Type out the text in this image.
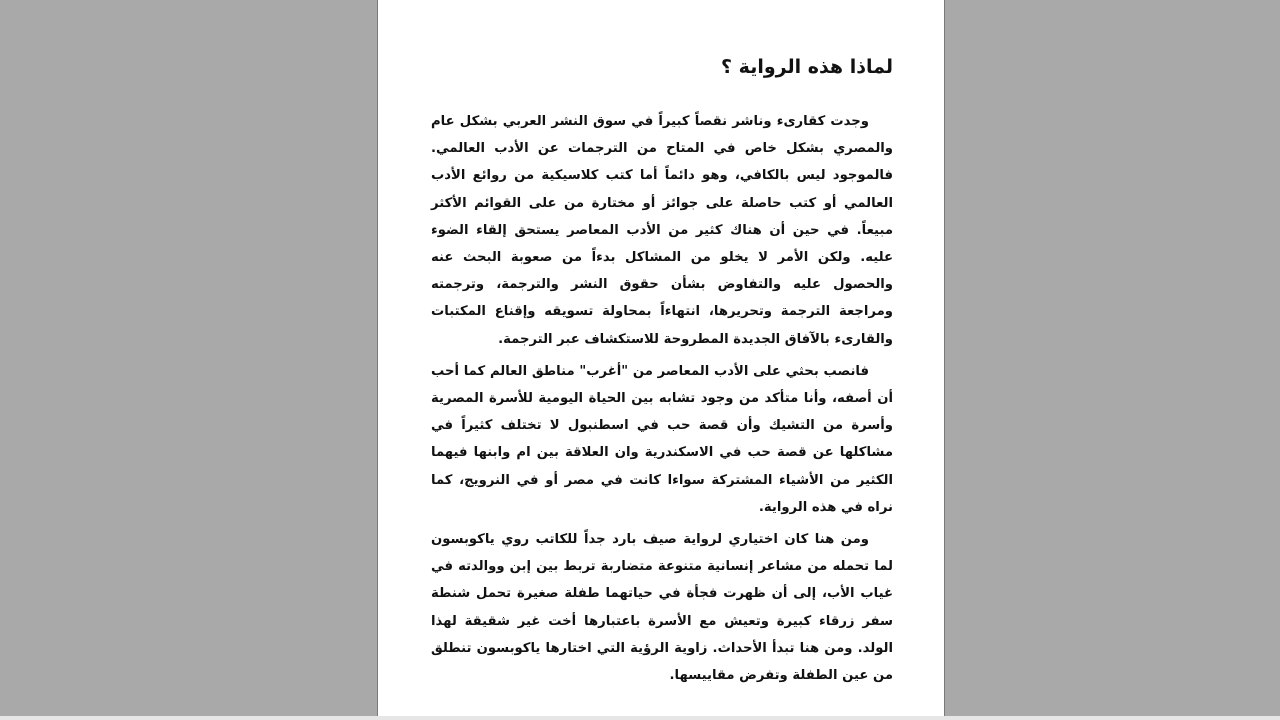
لماذا هذه الرواية ؟

وجدت كقارىء وناشر نقصاً كبيراً في سوق النشر العربي بشكل عام والمصري بشكل خاص في المتاح من الترجمات عن الأدب العالمي. فالموجود ليس بالكافي، وهو دائماً أما كتب كلاسيكية من روائع الأدب العالمي أو كتب حاصلة على جوائز أو مختارة من على القوائم الأكثر مبيعاً. في حين أن هناك كثير من الأدب المعاصر يستحق إلقاء الضوء عليه. ولكن الأمر لا يخلو من المشاكل بدءاً من صعوبة البحث عنه والحصول عليه والتفاوض بشأن حقوق النشر والترجمة، وترجمته ومراجعة الترجمة وتحريرها، انتهاءاً بمحاولة تسويقه وإقناع المكتبات والقارىء بالآفاق الجديدة المطروحة للاستكشاف عبر الترجمة.

فانصب بحثي على الأدب المعاصر من "أغرب" مناطق العالم كما أحب أن أصفه، وأنا متأكد من وجود تشابه بين الحياة اليومية للأسرة المصرية وأسرة من التشيك وأن قصة حب في اسطنبول لا تختلف كثيراً في مشاكلها عن قصة حب في الاسكندرية وان العلاقة بين ام وابنها فيهما الكثير من الأشياء المشتركة سواءا كانت في مصر أو في النرويج، كما نراه في هذه الرواية.

ومن هنا كان اختياري لرواية صيف بارد جداً للكاتب روي ياكوبسون لما تحمله من مشاعر إنسانية متنوعة متضاربة تربط بين إبن ووالدته في غياب الأب، إلى أن ظهرت فجأة في حياتهما طفلة صغيرة تحمل شنطة سفر زرقاء كبيرة وتعيش مع الأسرة باعتبارها أخت غير شقيقة لهذا الولد. ومن هنا تبدأ الأحداث. زاوية الرؤية التي اختارها ياكوبسون تنطلق من عين الطفلة وتفرض مقاييسها.
